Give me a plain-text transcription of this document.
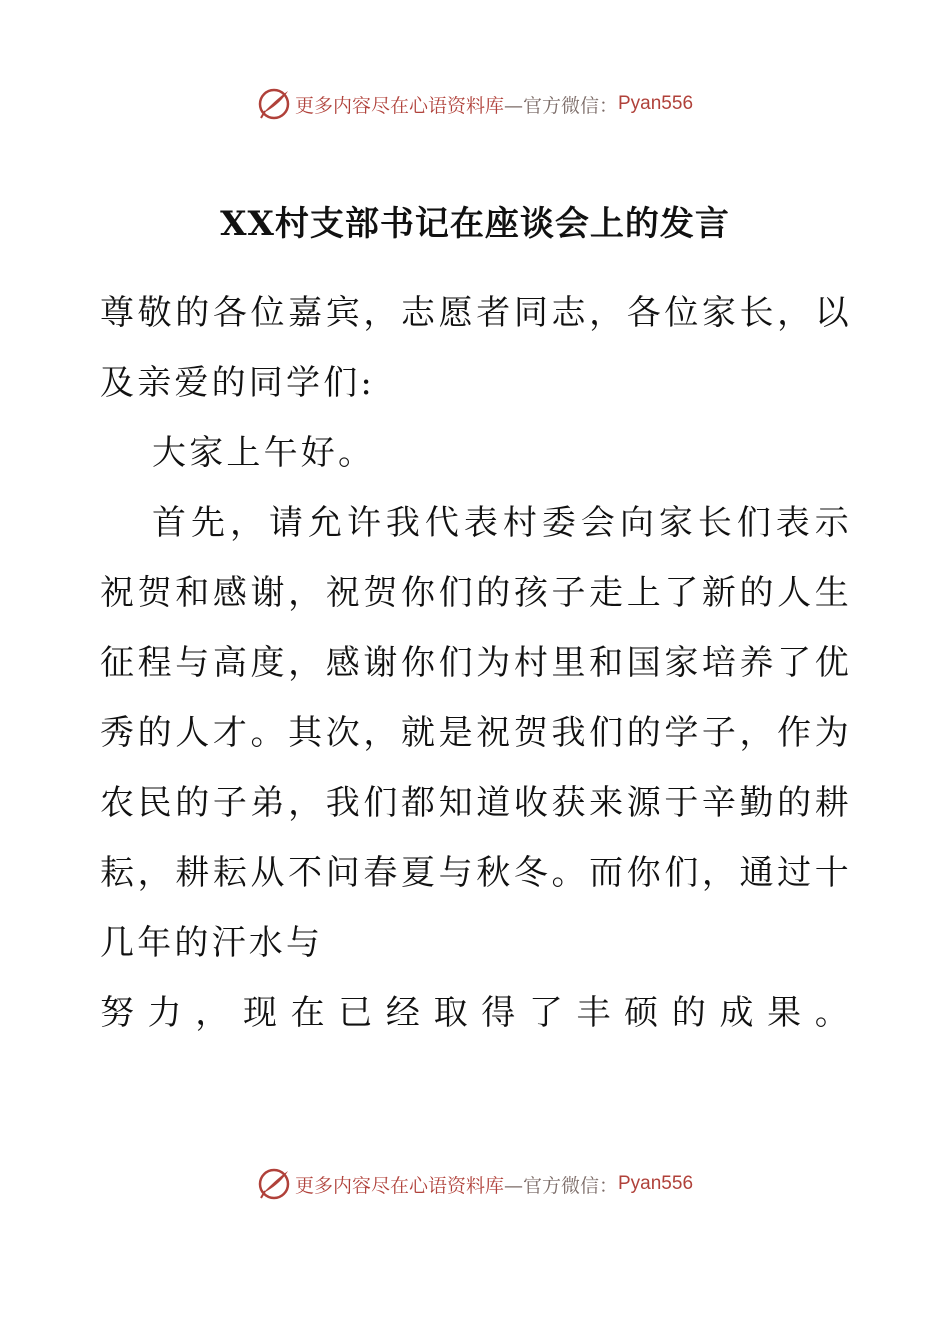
更多内容尽在心语资料库 —官方微信： Pyan556
XX村支部书记在座谈会上的发言

尊敬的各位嘉宾，志愿者同志，各位家长，以及亲爱的同学们:

大家上午好。

首先，请允许我代表村委会向家长们表示祝贺和感谢，祝贺你们的孩子走上了新的人生征程与高度，感谢你们为村里和国家培养了优秀的人才。其次，就是祝贺我们的学子，作为农民的子弟，我们都知道收获来源于辛勤的耕耘，耕耘从不问春夏与秋冬。而你们，通过十几年的汗水与

努力，现在已经取得了丰硕的成果。

更多内容尽在心语资料库 —官方微信： Pyan556
